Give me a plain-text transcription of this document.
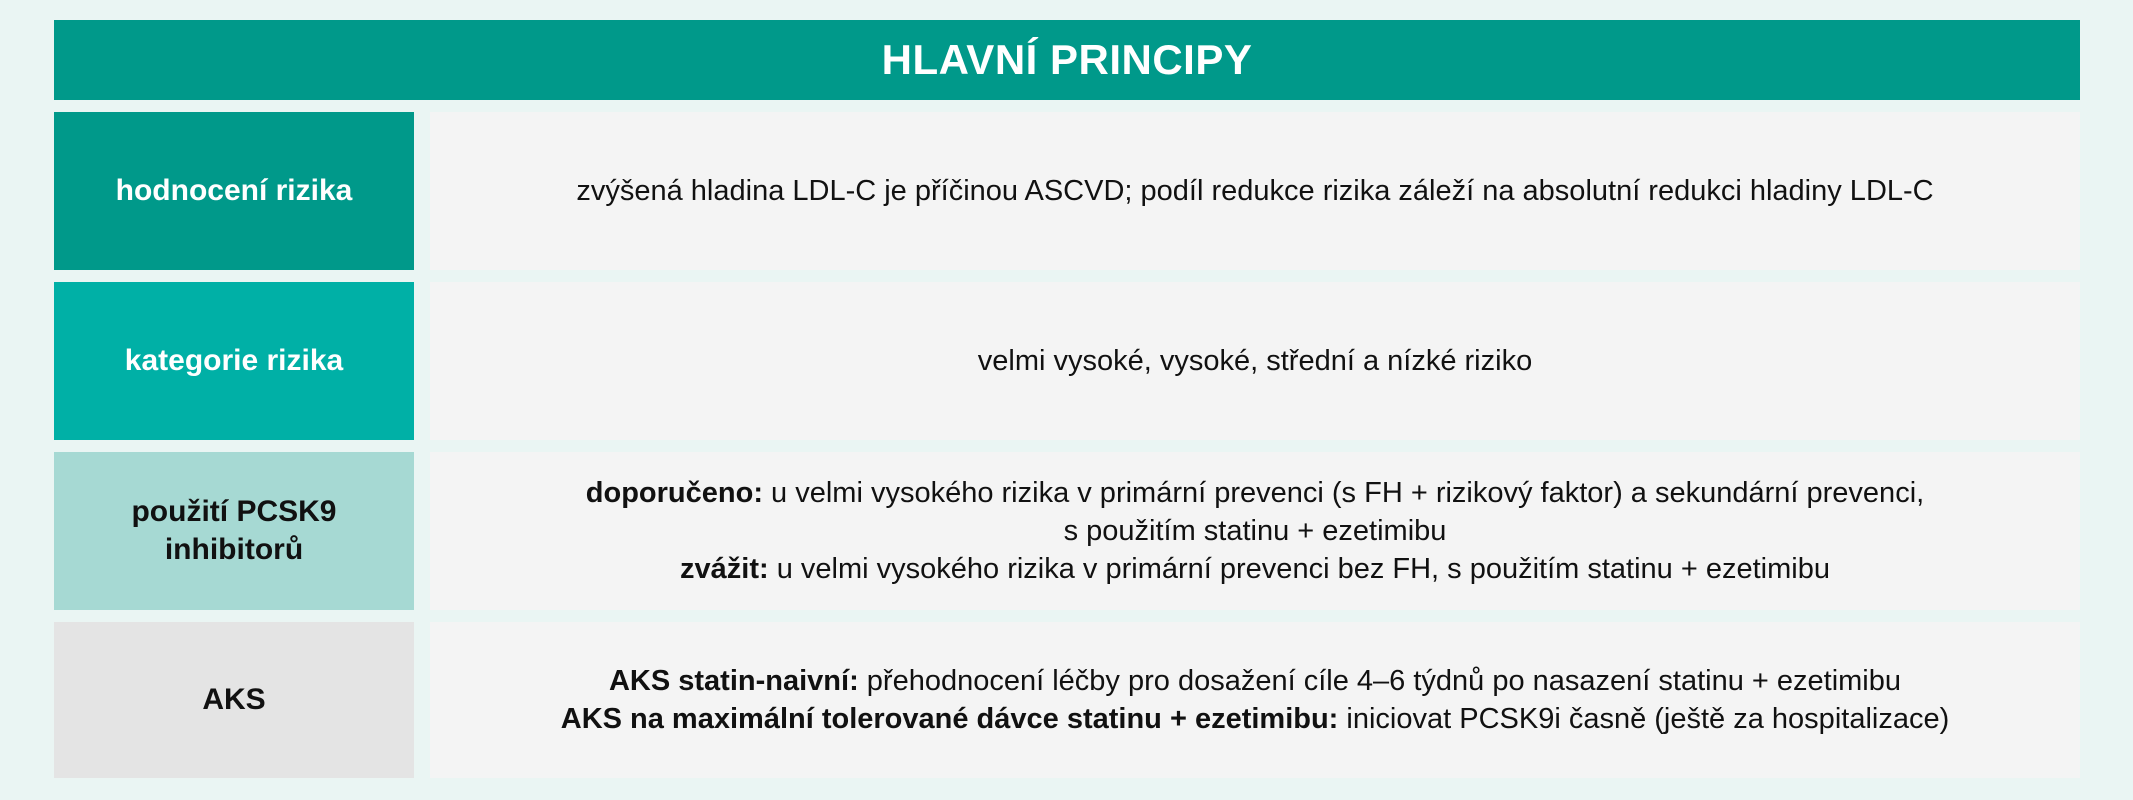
HLAVNÍ PRINCIPY
hodnocení rizika	zvýšená hladina LDL-C je příčinou ASCVD; podíl redukce rizika záleží na absolutní redukci hladiny LDL-C
kategorie rizika	velmi vysoké, vysoké, střední a nízké riziko
použití PCSK9 inhibitorů
doporučeno: u velmi vysokého rizika v primární prevenci (s FH + rizikový faktor) a sekundární prevenci,
s použitím statinu + ezetimibu
zvážit: u velmi vysokého rizika v primární prevenci bez FH, s použitím statinu + ezetimibu
AKS
AKS statin-naivní: přehodnocení léčby pro dosažení cíle 4–6 týdnů po nasazení statinu + ezetimibu
AKS na maximální tolerované dávce statinu + ezetimibu: iniciovat PCSK9i časně (ještě za hospitalizace)
